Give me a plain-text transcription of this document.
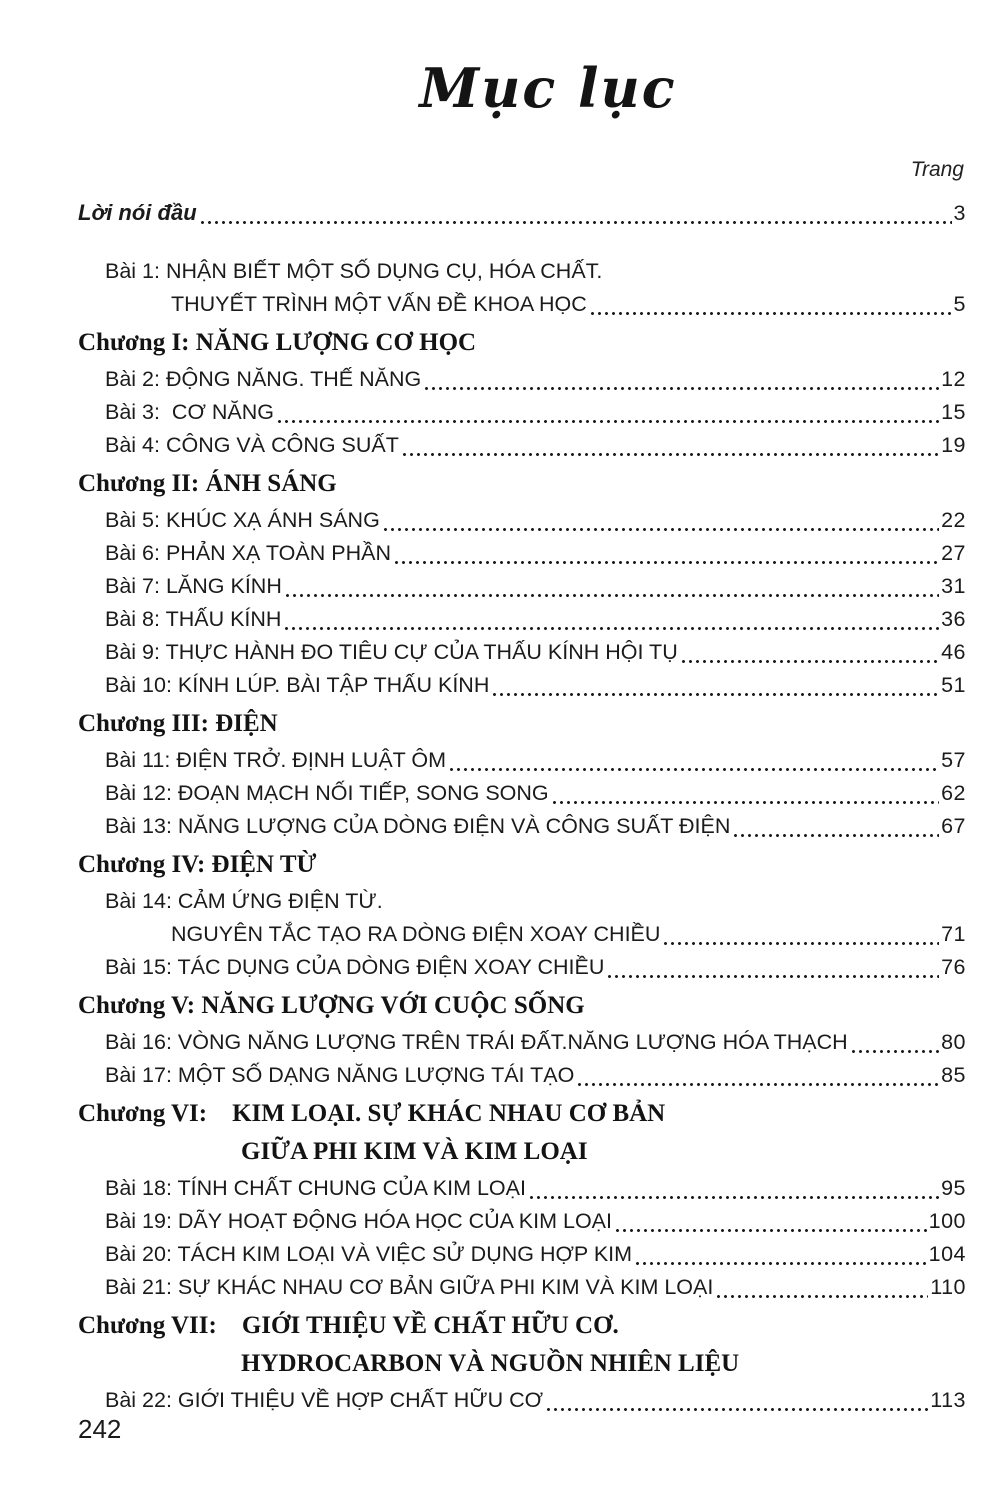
Mục lục
Trang
Lời nói đầu	3
Bài 1: NHẬN BIẾT MỘT SỐ DỤNG CỤ, HÓA CHẤT.
THUYẾT TRÌNH MỘT VẤN ĐỀ KHOA HỌC	5
Chương I: NĂNG LƯỢNG CƠ HỌC
Bài 2: ĐỘNG NĂNG. THẾ NĂNG	12
Bài 3:  CƠ NĂNG	15
Bài 4: CÔNG VÀ CÔNG SUẤT	19
Chương II: ÁNH SÁNG
Bài 5: KHÚC XẠ ÁNH SÁNG	22
Bài 6: PHẢN XẠ TOÀN PHẦN	27
Bài 7: LĂNG KÍNH	31
Bài 8: THẤU KÍNH	36
Bài 9: THỰC HÀNH ĐO TIÊU CỰ CỦA THẤU KÍNH HỘI TỤ	46
Bài 10: KÍNH LÚP. BÀI TẬP THẤU KÍNH	51
Chương III: ĐIỆN
Bài 11: ĐIỆN TRỞ. ĐỊNH LUẬT ÔM	57
Bài 12: ĐOẠN MẠCH NỐI TIẾP, SONG SONG	62
Bài 13: NĂNG LƯỢNG CỦA DÒNG ĐIỆN VÀ CÔNG SUẤT ĐIỆN	67
Chương IV: ĐIỆN TỪ
Bài 14: CẢM ỨNG ĐIỆN TỪ.
NGUYÊN TẮC TẠO RA DÒNG ĐIỆN XOAY CHIỀU	71
Bài 15: TÁC DỤNG CỦA DÒNG ĐIỆN XOAY CHIỀU	76
Chương V: NĂNG LƯỢNG VỚI CUỘC SỐNG
Bài 16: VÒNG NĂNG LƯỢNG TRÊN TRÁI ĐẤT.NĂNG LƯỢNG HÓA THẠCH	80
Bài 17: MỘT SỐ DẠNG NĂNG LƯỢNG TÁI TẠO	85
Chương VI:    KIM LOẠI. SỰ KHÁC NHAU CƠ BẢN
GIỮA PHI KIM VÀ KIM LOẠI
Bài 18: TÍNH CHẤT CHUNG CỦA KIM LOẠI	95
Bài 19: DÃY HOẠT ĐỘNG HÓA HỌC CỦA KIM LOẠI	100
Bài 20: TÁCH KIM LOẠI VÀ VIỆC SỬ DỤNG HỢP KIM	104
Bài 21: SỰ KHÁC NHAU CƠ BẢN GIỮA PHI KIM VÀ KIM LOẠI	110
Chương VII:    GIỚI THIỆU VỀ CHẤT HỮU CƠ.
HYDROCARBON VÀ NGUỒN NHIÊN LIỆU
Bài 22: GIỚI THIỆU VỀ HỢP CHẤT HỮU CƠ	113
242
